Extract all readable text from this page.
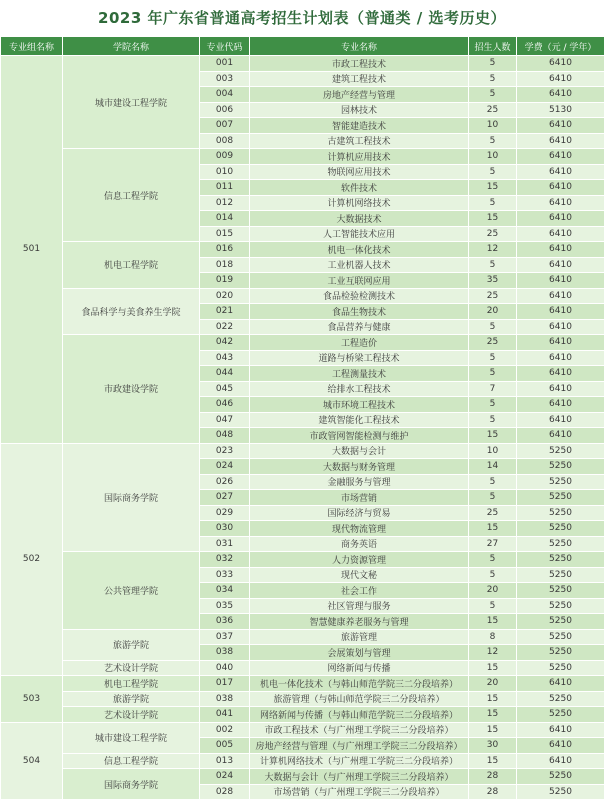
2023 年广东省普通高考招生计划表（普通类 / 选考历史）
专业组名称	学院名称	专业代码	专业名称	招生人数	学费（元 / 学年）
501	城市建设工程学院	001	市政工程技术	5	6410
		003	建筑工程技术	5	6410
		004	房地产经营与管理	5	6410
		006	园林技术	25	5130
		007	智能建造技术	10	6410
		008	古建筑工程技术	5	6410
	信息工程学院	009	计算机应用技术	10	6410
		010	物联网应用技术	5	6410
		011	软件技术	15	6410
		012	计算机网络技术	5	6410
		014	大数据技术	15	6410
		015	人工智能技术应用	25	6410
	机电工程学院	016	机电一体化技术	12	6410
		018	工业机器人技术	5	6410
		019	工业互联网应用	35	6410
	食品科学与美食养生学院	020	食品检验检测技术	25	6410
		021	食品生物技术	20	6410
		022	食品营养与健康	5	6410
	市政建设学院	042	工程造价	25	6410
		043	道路与桥梁工程技术	5	6410
		044	工程测量技术	5	6410
		045	给排水工程技术	7	6410
		046	城市环境工程技术	5	6410
		047	建筑智能化工程技术	5	6410
		048	市政管网智能检测与维护	15	6410
502	国际商务学院	023	大数据与会计	10	5250
		024	大数据与财务管理	14	5250
		026	金融服务与管理	5	5250
		027	市场营销	5	5250
		029	国际经济与贸易	25	5250
		030	现代物流管理	15	5250
		031	商务英语	27	5250
	公共管理学院	032	人力资源管理	5	5250
		033	现代文秘	5	5250
		034	社会工作	20	5250
		035	社区管理与服务	5	5250
		036	智慧健康养老服务与管理	15	5250
	旅游学院	037	旅游管理	8	5250
		038	会展策划与管理	12	5250
	艺术设计学院	040	网络新闻与传播	15	5250
503	机电工程学院	017	机电一体化技术（与韩山师范学院三二分段培养）	20	6410
	旅游学院	038	旅游管理（与韩山师范学院三二分段培养）	15	5250
	艺术设计学院	041	网络新闻与传播（与韩山师范学院三二分段培养）	15	5250
504	城市建设工程学院	002	市政工程技术（与广州理工学院三二分段培养）	15	6410
		005	房地产经营与管理（与广州理工学院三二分段培养）	30	6410
	信息工程学院	013	计算机网络技术（与广州理工学院三二分段培养）	15	6410
	国际商务学院	024	大数据与会计（与广州理工学院三二分段培养）	28	5250
		028	市场营销（与广州理工学院三二分段培养）	28	5250
